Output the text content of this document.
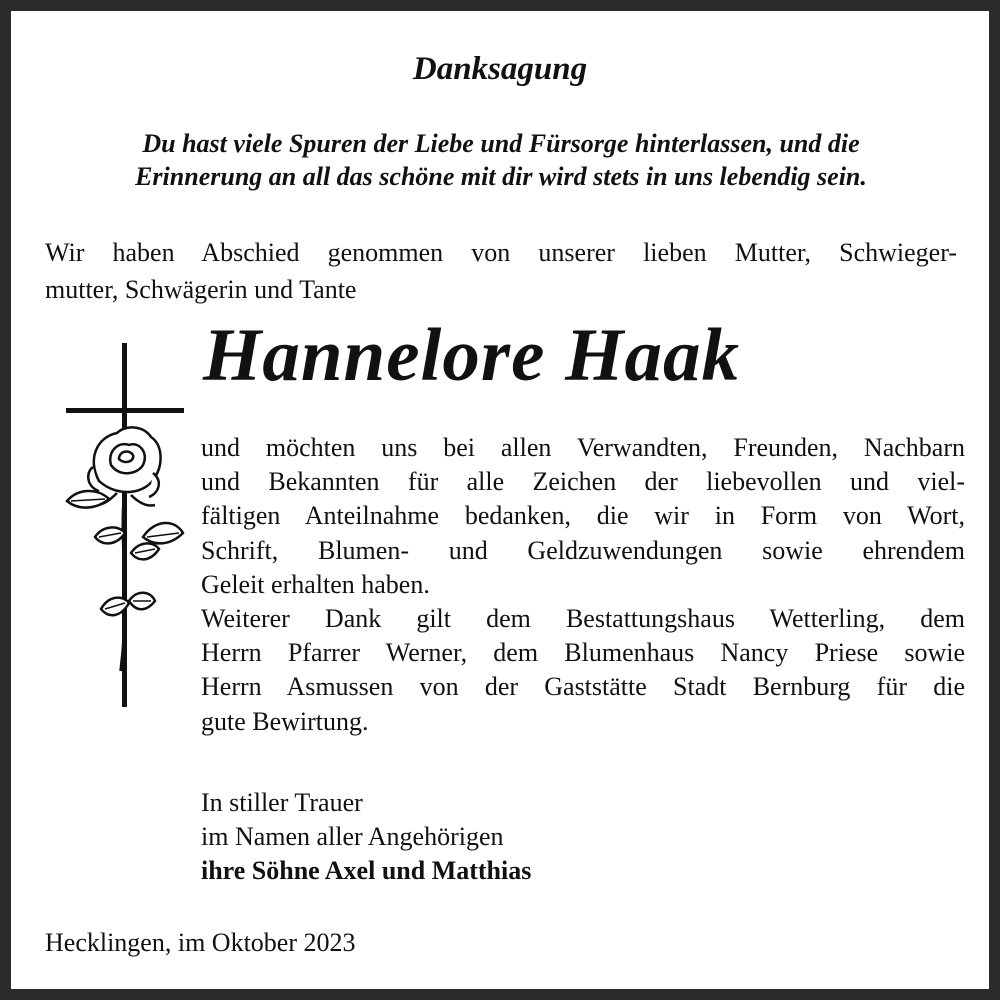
Danksagung
Du hast viele Spuren der Liebe und Fürsorge hinterlassen, und die
Erinnerung an all das schöne mit dir wird stets in uns lebendig sein.
Wir haben Abschied genommen von unserer lieben Mutter, Schwieger-
mutter, Schwägerin und Tante
Hannelore Haak
und möchten uns bei allen Verwandten, Freunden, Nachbarn
und Bekannten für alle Zeichen der liebevollen und viel-
fältigen Anteilnahme bedanken, die wir in Form von Wort,
Schrift, Blumen- und Geldzuwendungen sowie ehrendem
Geleit erhalten haben.
Weiterer Dank gilt dem Bestattungshaus Wetterling, dem
Herrn Pfarrer Werner, dem Blumenhaus Nancy Priese sowie
Herrn Asmussen von der Gaststätte Stadt Bernburg für die
gute Bewirtung.
In stiller Trauer
im Namen aller Angehörigen
ihre Söhne Axel und Matthias
Hecklingen, im Oktober 2023
